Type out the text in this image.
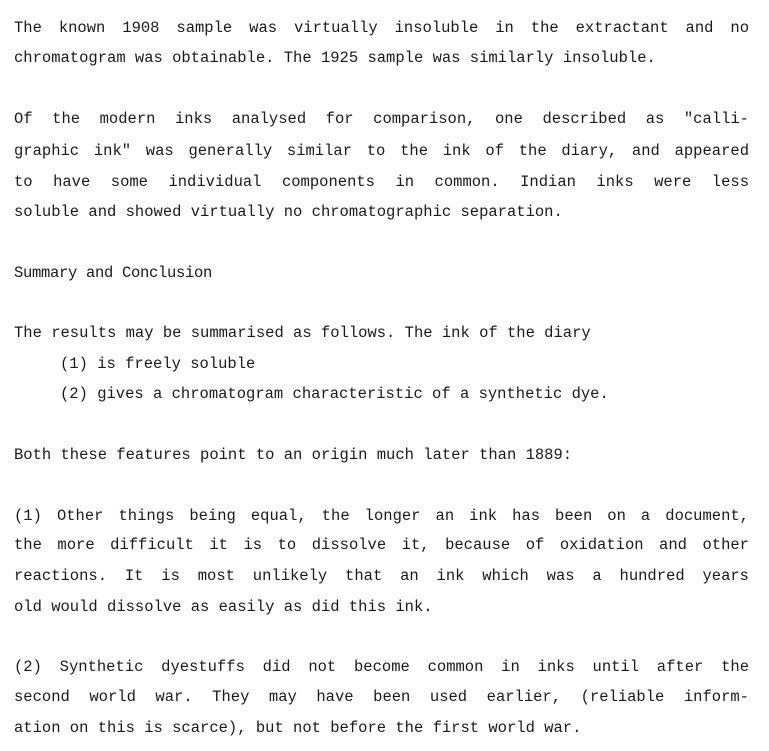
The known 1908 sample was virtually insoluble in the extractant and no
chromatogram was obtainable. The 1925 sample was similarly insoluble.
Of the modern inks analysed for comparison, one described as "calli-
graphic ink" was generally similar to the ink of the diary, and appeared
to have some individual components in common. Indian inks were less
soluble and showed virtually no chromatographic separation.
Summary and Conclusion
The results may be summarised as follows. The ink of the diary
(1) is freely soluble
(2) gives a chromatogram characteristic of a synthetic dye.
Both these features point to an origin much later than 1889:
(1) Other things being equal, the longer an ink has been on a document,
the more difficult it is to dissolve it, because of oxidation and other
reactions. It is most unlikely that an ink which was a hundred years
old would dissolve as easily as did this ink.
(2) Synthetic dyestuffs did not become common in inks until after the
second world war. They may have been used earlier, (reliable inform-
ation on this is scarce), but not before the first world war.
